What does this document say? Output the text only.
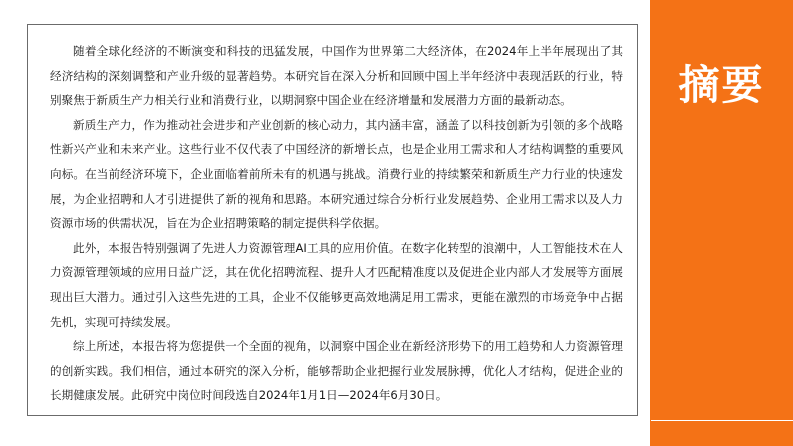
随着全球化经济的不断演变和科技的迅猛发展，中国作为世界第二大经济体，在2024年上半年展现出了其经济结构的深刻调整和产业升级的显著趋势。本研究旨在深入分析和回顾中国上半年经济中表现活跃的行业，特别聚焦于新质生产力相关行业和消费行业，以期洞察中国企业在经济增量和发展潜力方面的最新动态。

新质生产力，作为推动社会进步和产业创新的核心动力，其内涵丰富，涵盖了以科技创新为引领的多个战略性新兴产业和未来产业。这些行业不仅代表了中国经济的新增长点，也是企业用工需求和人才结构调整的重要风向标。在当前经济环境下，企业面临着前所未有的机遇与挑战。消费行业的持续繁荣和新质生产力行业的快速发展，为企业招聘和人才引进提供了新的视角和思路。本研究通过综合分析行业发展趋势、企业用工需求以及人力资源市场的供需状况，旨在为企业招聘策略的制定提供科学依据。

此外，本报告特别强调了先进人力资源管理AI工具的应用价值。在数字化转型的浪潮中，人工智能技术在人力资源管理领域的应用日益广泛，其在优化招聘流程、提升人才匹配精准度以及促进企业内部人才发展等方面展现出巨大潜力。通过引入这些先进的工具，企业不仅能够更高效地满足用工需求，更能在激烈的市场竞争中占据先机，实现可持续发展。

综上所述，本报告将为您提供一个全面的视角，以洞察中国企业在新经济形势下的用工趋势和人力资源管理的创新实践。我们相信，通过本研究的深入分析，能够帮助企业把握行业发展脉搏，优化人才结构，促进企业的长期健康发展。此研究中岗位时间段选自2024年1月1日—2024年6月30日。

摘要
